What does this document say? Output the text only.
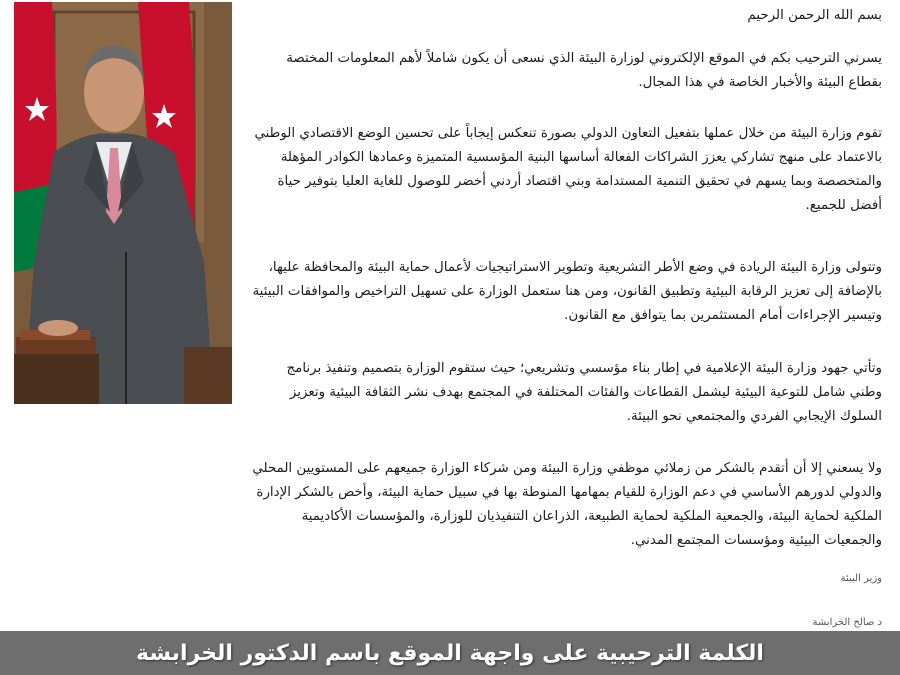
بسم الله الرحمن الرحيم

يسرني الترحيب بكم في الموقع الإلكتروني لوزارة البيئة الذي نسعى أن يكون شاملاً لأهم المعلومات المختصة بقطاع البيئة والأخبار الخاصة في هذا المجال.

تقوم وزارة البيئة من خلال عملها بتفعيل التعاون الدولي بصورة تنعكس إيجاباً على تحسين الوضع الاقتصادي الوطني بالاعتماد على منهج تشاركي يعزز الشراكات الفعالة أساسها البنية المؤسسية المتميزة وعمادها الكوادر المؤهلة والمتخصصة وبما يسهم في تحقيق التنمية المستدامة وبني اقتصاد أردني أخضر للوصول للغاية العليا بتوفير حياة أفضل للجميع.

وتتولى وزارة البيئة الريادة في وضع الأطر التشريعية وتطوير الاستراتيجيات لأعمال حماية البيئة والمحافظة عليها، بالإضافة إلى تعزيز الرقابة البيئية وتطبيق القانون، ومن هنا ستعمل الوزارة على تسهيل التراخيص والموافقات البيئية وتيسير الإجراءات أمام المستثمرين بما يتوافق مع القانون.

وتأتي جهود وزارة البيئة الإعلامية في إطار بناء مؤسسي وتشريعي؛ حيث ستقوم الوزارة بتصميم وتنفيذ برنامج وطني شامل للتوعية البيئية ليشمل القطاعات والفئات المختلفة في المجتمع بهدف نشر الثقافة البيئية وتعزيز السلوك الإيجابي الفردي والمجتمعي نحو البيئة.

ولا يسعني إلا أن أتقدم بالشكر من زملائي موظفي وزارة البيئة ومن شركاء الوزارة جميعهم على المستويين المحلي والدولي لدورهم الأساسي في دعم الوزارة للقيام بمهامها المنوطة بها في سبيل حماية البيئة، وأخص بالشكر الإدارة الملكية لحماية البيئة، والجمعية الملكية لحماية الطبيعة، الذراعان التنفيذيان للوزارة، والمؤسسات الأكاديمية والجمعيات البيئية ومؤسسات المجتمع المدني.

وزير البيئة

د صالح الخرابشة

الكلمة الترحيبية على واجهة الموقع باسم الدكتور الخرابشة
